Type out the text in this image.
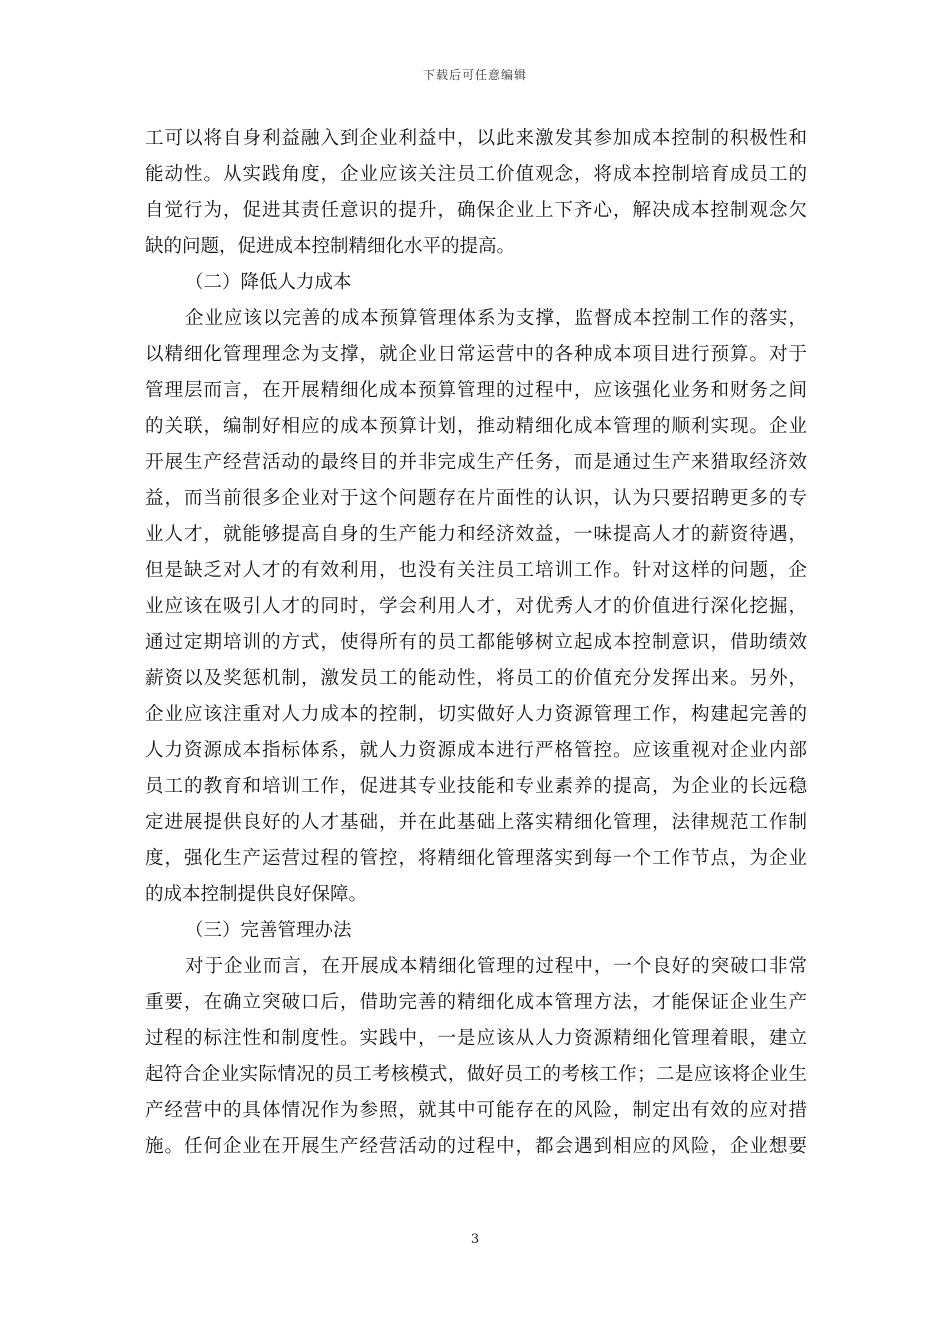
下载后可任意编辑
工可以将自身利益融入到企业利益中，以此来激发其参加成本控制的积极性和
能动性。从实践角度，企业应该关注员工价值观念，将成本控制培育成员工的
自觉行为，促进其责任意识的提升，确保企业上下齐心，解决成本控制观念欠
缺的问题，促进成本控制精细化水平的提高。
（二）降低人力成本
企业应该以完善的成本预算管理体系为支撑，监督成本控制工作的落实，
以精细化管理理念为支撑，就企业日常运营中的各种成本项目进行预算。对于
管理层而言，在开展精细化成本预算管理的过程中，应该强化业务和财务之间
的关联，编制好相应的成本预算计划，推动精细化成本管理的顺利实现。企业
开展生产经营活动的最终目的并非完成生产任务，而是通过生产来猎取经济效
益，而当前很多企业对于这个问题存在片面性的认识，认为只要招聘更多的专
业人才，就能够提高自身的生产能力和经济效益，一味提高人才的薪资待遇，
但是缺乏对人才的有效利用，也没有关注员工培训工作。针对这样的问题，企
业应该在吸引人才的同时，学会利用人才，对优秀人才的价值进行深化挖掘，
通过定期培训的方式，使得所有的员工都能够树立起成本控制意识，借助绩效
薪资以及奖惩机制，激发员工的能动性，将员工的价值充分发挥出来。另外，
企业应该注重对人力成本的控制，切实做好人力资源管理工作，构建起完善的
人力资源成本指标体系，就人力资源成本进行严格管控。应该重视对企业内部
员工的教育和培训工作，促进其专业技能和专业素养的提高，为企业的长远稳
定进展提供良好的人才基础，并在此基础上落实精细化管理，法律规范工作制
度，强化生产运营过程的管控，将精细化管理落实到每一个工作节点，为企业
的成本控制提供良好保障。
（三）完善管理办法
对于企业而言，在开展成本精细化管理的过程中，一个良好的突破口非常
重要，在确立突破口后，借助完善的精细化成本管理方法，才能保证企业生产
过程的标注性和制度性。实践中，一是应该从人力资源精细化管理着眼，建立
起符合企业实际情况的员工考核模式，做好员工的考核工作；二是应该将企业生
产经营中的具体情况作为参照，就其中可能存在的风险，制定出有效的应对措
施。任何企业在开展生产经营活动的过程中，都会遇到相应的风险，企业想要
3
